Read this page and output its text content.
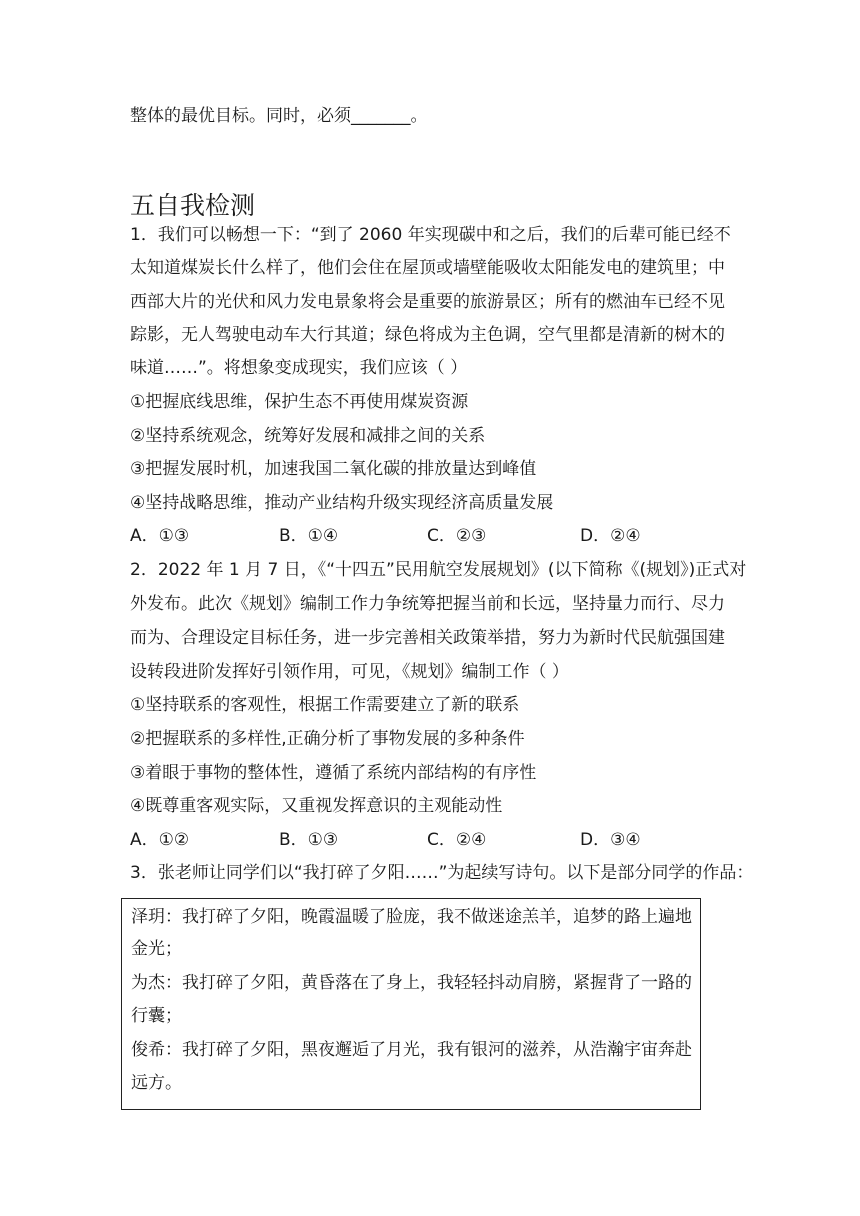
整体的最优目标。同时，必须_______。
五自我检测
1．我们可以畅想一下：“到了 2060 年实现碳中和之后，我们的后辈可能已经不
太知道煤炭长什么样了，他们会住在屋顶或墙壁能吸收太阳能发电的建筑里；中
西部大片的光伏和风力发电景象将会是重要的旅游景区；所有的燃油车已经不见
踪影，无人驾驶电动车大行其道；绿色将成为主色调，空气里都是清新的树木的
味道……”。将想象变成现实，我们应该（ ）
①把握底线思维，保护生态不再使用煤炭资源
②坚持系统观念，统筹好发展和减排之间的关系
③把握发展时机，加速我国二氧化碳的排放量达到峰值
④坚持战略思维，推动产业结构升级实现经济高质量发展
A．①③	B．①④	C．②③	D．②④
2．2022 年 1 月 7 日，《“十四五”民用航空发展规划》(以下简称《(规划》)正式对
外发布。此次《规划》编制工作力争统筹把握当前和长远，坚持量力而行、尽力
而为、合理设定目标任务，进一步完善相关政策举措，努力为新时代民航强国建
设转段进阶发挥好引领作用，可见，《规划》编制工作（ ）
①坚持联系的客观性，根据工作需要建立了新的联系
②把握联系的多样性,正确分析了事物发展的多种条件
③着眼于事物的整体性，遵循了系统内部结构的有序性
④既尊重客观实际，又重视发挥意识的主观能动性
A．①②	B．①③	C．②④	D．③④
3．张老师让同学们以“我打碎了夕阳……”为起续写诗句。以下是部分同学的作品：
泽玥：我打碎了夕阳，晚霞温暖了脸庞，我不做迷途羔羊，追梦的路上遍地
金光；
为杰：我打碎了夕阳，黄昏落在了身上，我轻轻抖动肩膀，紧握背了一路的
行囊；
俊希：我打碎了夕阳，黑夜邂逅了月光，我有银河的滋养，从浩瀚宇宙奔赴
远方。
